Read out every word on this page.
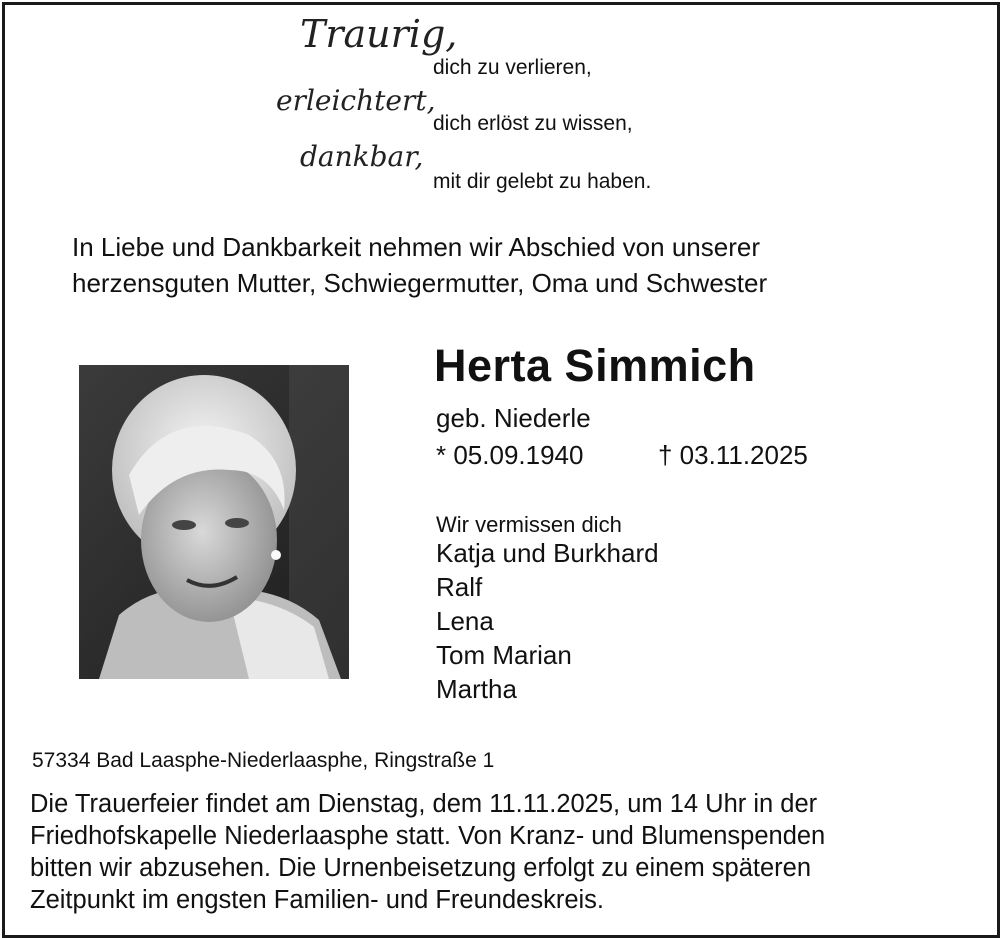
Traurig,
dich zu verlieren,
erleichtert,
dich erlöst zu wissen,
dankbar,
mit dir gelebt zu haben.
In Liebe und Dankbarkeit nehmen wir Abschied von unserer
herzensguten Mutter, Schwiegermutter, Oma und Schwester
Herta Simmich
geb. Niederle
* 05.09.1940	† 03.11.2025
Wir vermissen dich
Katja und Burkhard
Ralf
Lena
Tom Marian
Martha
57334 Bad Laasphe-Niederlaasphe, Ringstraße 1
Die Trauerfeier findet am Dienstag, dem 11.11.2025, um 14 Uhr in der
Friedhofskapelle Niederlaasphe statt. Von Kranz- und Blumenspenden
bitten wir abzusehen. Die Urnenbeisetzung erfolgt zu einem späteren
Zeitpunkt im engsten Familien- und Freundeskreis.
